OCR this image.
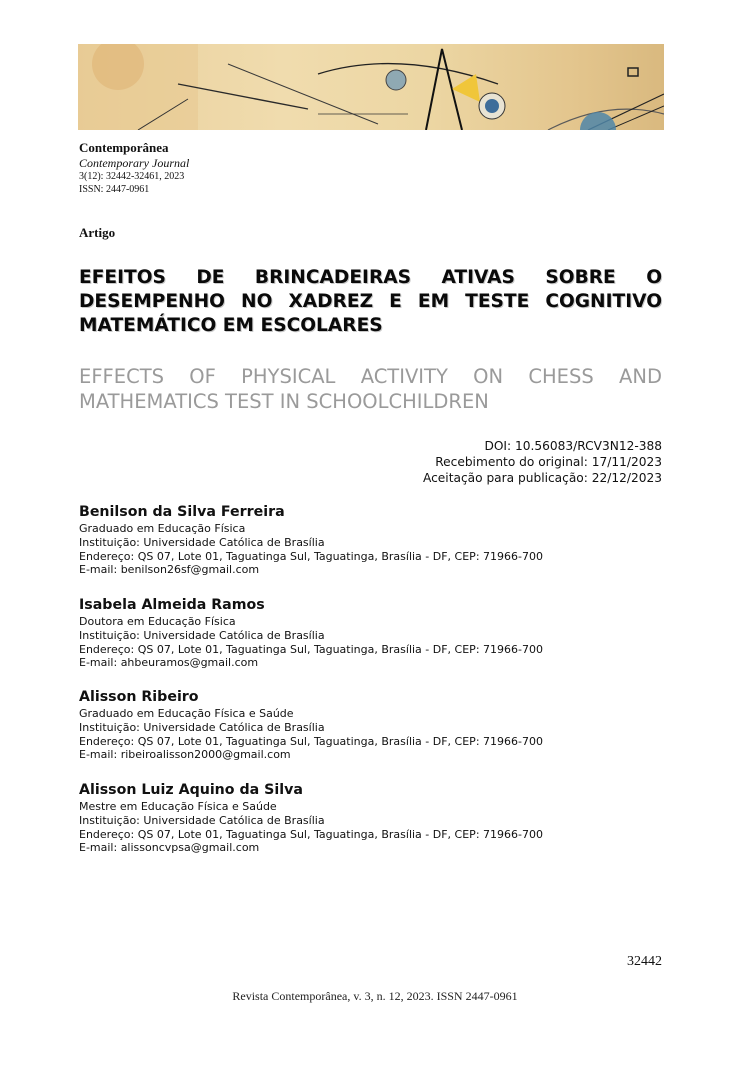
Contemporânea
Contemporary Journal
3(12): 32442-32461, 2023
ISSN: 2447-0961
Artigo
EFEITOS DE BRINCADEIRAS ATIVAS SOBRE O DESEMPENHO NO XADREZ E EM TESTE COGNITIVO MATEMÁTICO EM ESCOLARES
EFFECTS OF PHYSICAL ACTIVITY ON CHESS AND MATHEMATICS TEST IN SCHOOLCHILDREN
DOI: 10.56083/RCV3N12-388
Recebimento do original: 17/11/2023
Aceitação para publicação: 22/12/2023
Benilson da Silva Ferreira
Graduado em Educação Física
Instituição: Universidade Católica de Brasília
Endereço: QS 07, Lote 01, Taguatinga Sul, Taguatinga, Brasília - DF, CEP: 71966-700
E-mail: benilson26sf@gmail.com
Isabela Almeida Ramos
Doutora em Educação Física
Instituição: Universidade Católica de Brasília
Endereço: QS 07, Lote 01, Taguatinga Sul, Taguatinga, Brasília - DF, CEP: 71966-700
E-mail: ahbeuramos@gmail.com
Alisson Ribeiro
Graduado em Educação Física e Saúde
Instituição: Universidade Católica de Brasília
Endereço: QS 07, Lote 01, Taguatinga Sul, Taguatinga, Brasília - DF, CEP: 71966-700
E-mail: ribeiroalisson2000@gmail.com
Alisson Luiz Aquino da Silva
Mestre em Educação Física e Saúde
Instituição: Universidade Católica de Brasília
Endereço: QS 07, Lote 01, Taguatinga Sul, Taguatinga, Brasília - DF, CEP: 71966-700
E-mail: alissoncvpsa@gmail.com
32442
Revista Contemporânea, v. 3, n. 12, 2023. ISSN 2447-0961
